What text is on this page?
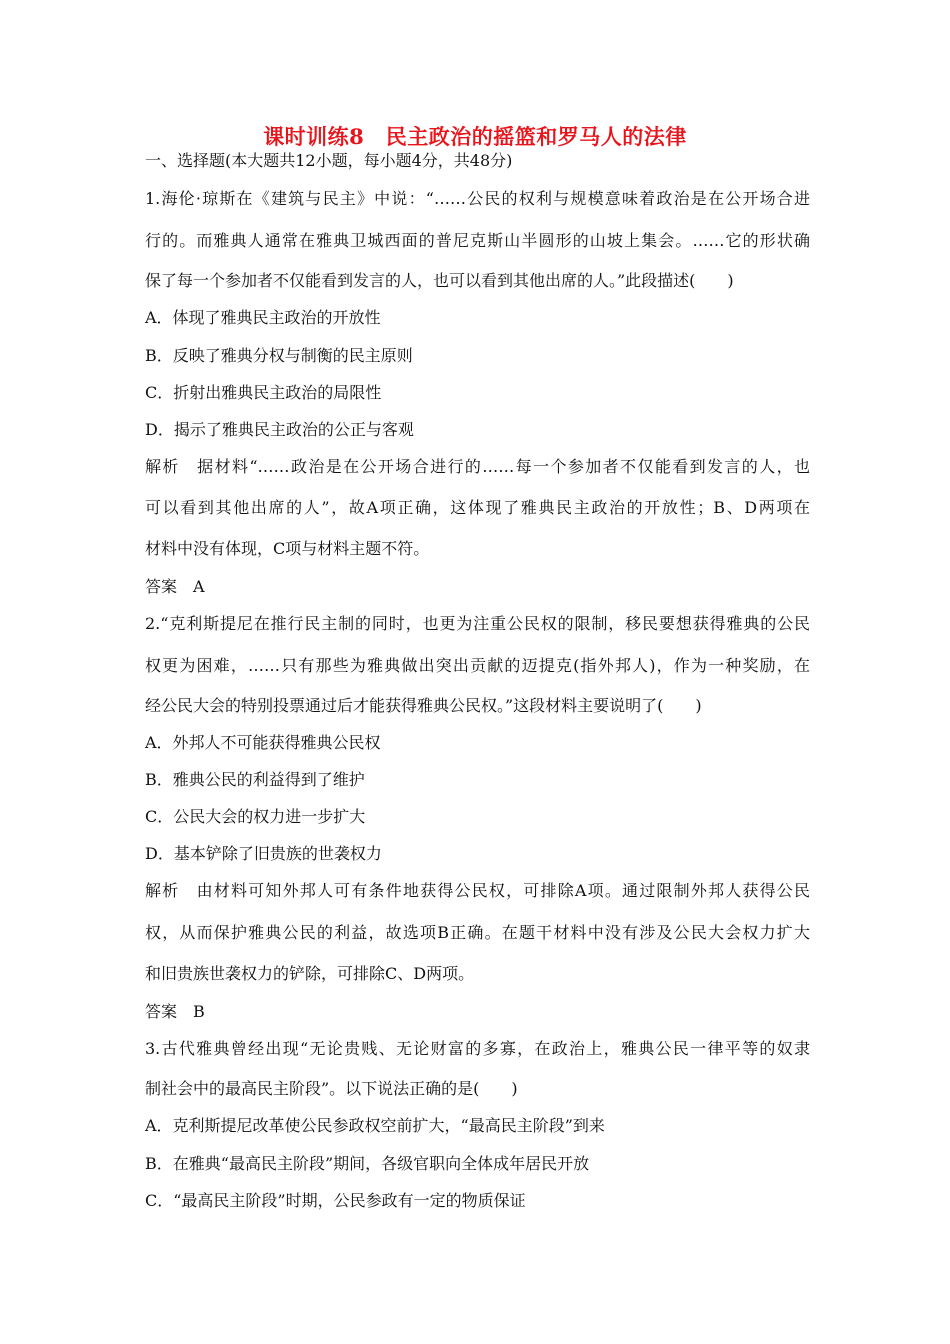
课时训练8　民主政治的摇篮和罗马人的法律
一、选择题(本大题共12小题，每小题4分，共48分)
1.海伦·琼斯在《建筑与民主》中说：“……公民的权利与规模意味着政治是在公开场合进
行的。而雅典人通常在雅典卫城西面的普尼克斯山半圆形的山坡上集会。……它的形状确
保了每一个参加者不仅能看到发言的人，也可以看到其他出席的人。”此段描述(　　)
A．体现了雅典民主政治的开放性
B．反映了雅典分权与制衡的民主原则
C．折射出雅典民主政治的局限性
D．揭示了雅典民主政治的公正与客观
解析　据材料“……政治是在公开场合进行的……每一个参加者不仅能看到发言的人，也
可以看到其他出席的人”，故A项正确，这体现了雅典民主政治的开放性；B、D两项在
材料中没有体现，C项与材料主题不符。
答案　A
2.“克利斯提尼在推行民主制的同时，也更为注重公民权的限制，移民要想获得雅典的公民
权更为困难，……只有那些为雅典做出突出贡献的迈提克(指外邦人)，作为一种奖励，在
经公民大会的特别投票通过后才能获得雅典公民权。”这段材料主要说明了(　　)
A．外邦人不可能获得雅典公民权
B．雅典公民的利益得到了维护
C．公民大会的权力进一步扩大
D．基本铲除了旧贵族的世袭权力
解析　由材料可知外邦人可有条件地获得公民权，可排除A项。通过限制外邦人获得公民
权，从而保护雅典公民的利益，故选项B正确。在题干材料中没有涉及公民大会权力扩大
和旧贵族世袭权力的铲除，可排除C、D两项。
答案　B
3.古代雅典曾经出现“无论贵贱、无论财富的多寡，在政治上，雅典公民一律平等的奴隶
制社会中的最高民主阶段”。以下说法正确的是(　　)
A．克利斯提尼改革使公民参政权空前扩大，“最高民主阶段”到来
B．在雅典“最高民主阶段”期间，各级官职向全体成年居民开放
C．“最高民主阶段”时期，公民参政有一定的物质保证
